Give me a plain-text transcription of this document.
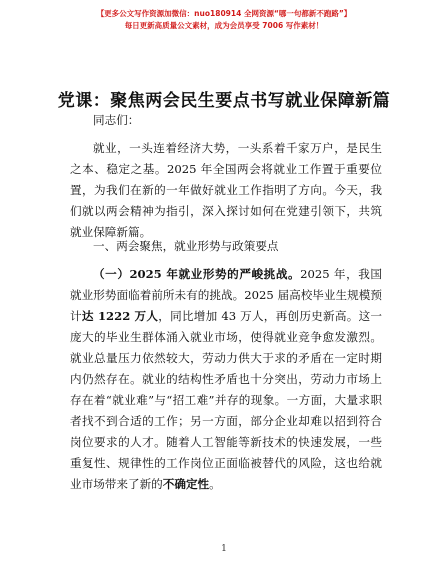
【更多公文写作资源加微信：nuo180914 全网资源“哪一句都新不跑路”】
每日更新高质量公文素材，成为会员享受 7006 写作素材！
党课：聚焦两会民生要点书写就业保障新篇

同志们：

就业，一头连着经济大势，一头系着千家万户，是民生之本、稳定之基。2025 年全国两会将就业工作置于重要位置，为我们在新的一年做好就业工作指明了方向。今天，我们就以两会精神为指引，深入探讨如何在党建引领下，共筑就业保障新篇。

一、两会聚焦，就业形势与政策要点

（一）2025 年就业形势的严峻挑战。2025 年，我国就业形势面临着前所未有的挑战。2025 届高校毕业生规模预计达 1222 万人，同比增加 43 万人，再创历史新高。这一庞大的毕业生群体涌入就业市场，使得就业竞争愈发激烈。就业总量压力依然较大，劳动力供大于求的矛盾在一定时期内仍然存在。就业的结构性矛盾也十分突出，劳动力市场上存在着“就业难”与“招工难”并存的现象。一方面，大量求职者找不到合适的工作；另一方面，部分企业却难以招到符合岗位要求的人才。随着人工智能等新技术的快速发展，一些重复性、规律性的工作岗位正面临被替代的风险，这也给就业市场带来了新的不确定性。

1
